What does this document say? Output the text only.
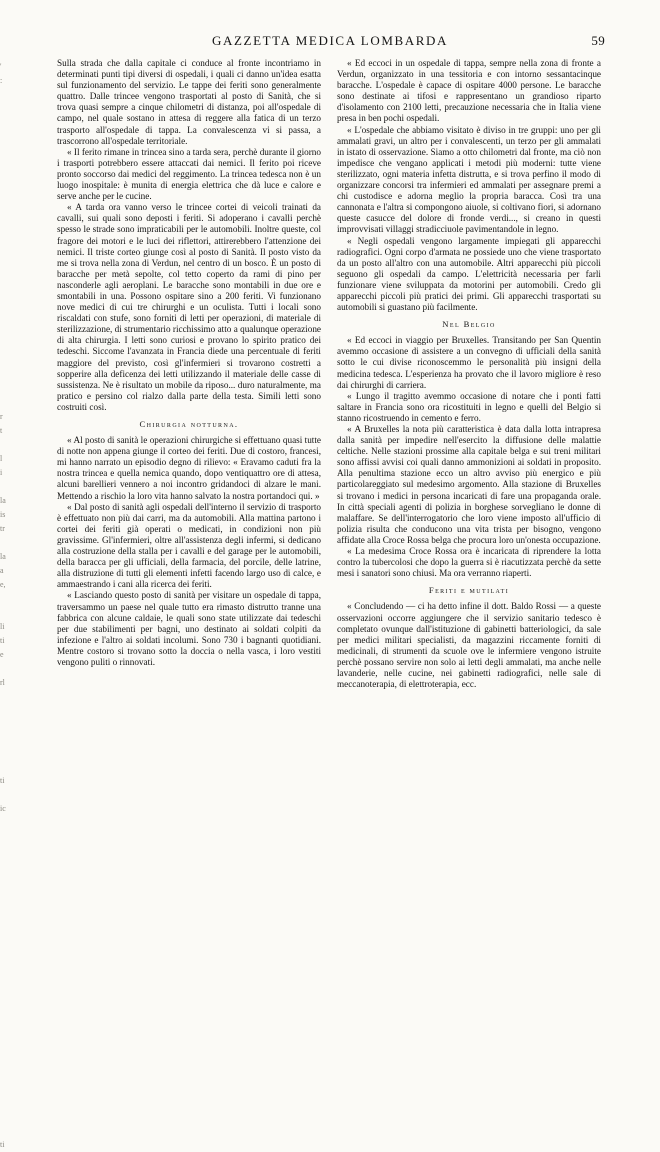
GAZZETTA MEDICA LOMBARDA	59

Sulla strada che dalla capitale ci conduce al fronte incontriamo in determinati punti tipi diversi di ospedali, i quali ci danno un'idea esatta sul funzionamento del servizio. Le tappe dei feriti sono generalmente quattro. Dalle trincee vengono trasportati al posto di Sanità, che si trova quasi sempre a cinque chilometri di distanza, poi all'ospedale di campo, nel quale sostano in attesa di reggere alla fatica di un terzo trasporto all'ospedale di tappa. La convalescenza vi si passa, a trascorrono all'ospedale territoriale.

« Il ferito rimane in trincea sino a tarda sera, perchè durante il giorno i trasporti potrebbero essere attaccati dai nemici. Il ferito poi riceve pronto soccorso dai medici del reggimento. La trincea tedesca non è un luogo inospitale: è munita di energia elettrica che dà luce e calore e serve anche per le cucine.

« A tarda ora vanno verso le trincee cortei di veicoli trainati da cavalli, sui quali sono deposti i feriti. Si adoperano i cavalli perchè spesso le strade sono impraticabili per le automobili. Inoltre queste, col fragore dei motori e le luci dei riflettori, attirerebbero l'attenzione dei nemici. Il triste corteo giunge così al posto di Sanità. Il posto visto da me si trova nella zona di Verdun, nel centro di un bosco. È un posto di baracche per metà sepolte, col tetto coperto da rami di pino per nasconderle agli aeroplani. Le baracche sono montabili in due ore e smontabili in una. Possono ospitare sino a 200 feriti. Vi funzionano nove medici di cui tre chirurghi e un oculista. Tutti i locali sono riscaldati con stufe, sono forniti di letti per operazioni, di materiale di sterilizzazione, di strumentario ricchissimo atto a qualunque operazione di alta chirurgia. I letti sono curiosi e provano lo spirito pratico dei tedeschi. Siccome l'avanzata in Francia diede una percentuale di feriti maggiore del previsto, così gl'infermieri si trovarono costretti a sopperire alla deficenza dei letti utilizzando il materiale delle casse di sussistenza. Ne è risultato un mobile da riposo... duro naturalmente, ma pratico e persino col rialzo dalla parte della testa. Simili letti sono costruiti così.

Chirurgia notturna.

« Al posto di sanità le operazioni chirurgiche si effettuano quasi tutte di notte non appena giunge il corteo dei feriti. Due di costoro, francesi, mi hanno narrato un episodio degno di rilievo: « Eravamo caduti fra la nostra trincea e quella nemica quando, dopo ventiquattro ore di attesa, alcuni barellieri vennero a noi incontro gridandoci di alzare le mani. Mettendo a rischio la loro vita hanno salvato la nostra portandoci qui. »

« Dal posto di sanità agli ospedali dell'interno il servizio di trasporto è effettuato non più dai carri, ma da automobili. Alla mattina partono i cortei dei feriti già operati o medicati, in condizioni non più gravissime. Gl'infermieri, oltre all'assistenza degli infermi, si dedicano alla costruzione della stalla per i cavalli e del garage per le automobili, della baracca per gli ufficiali, della farmacia, del porcile, delle latrine, alla distruzione di tutti gli elementi infetti facendo largo uso di calce, e ammaestrando i cani alla ricerca dei feriti.

« Lasciando questo posto di sanità per visitare un ospedale di tappa, traversammo un paese nel quale tutto era rimasto distrutto tranne una fabbrica con alcune caldaie, le quali sono state utilizzate dai tedeschi per due stabilimenti per bagni, uno destinato ai soldati colpiti da infezione e l'altro ai soldati incolumi. Sono 730 i bagnanti quotidiani. Mentre costoro si trovano sotto la doccia o nella vasca, i loro vestiti vengono puliti o rinnovati.

« Ed eccoci in un ospedale di tappa, sempre nella zona di fronte a Verdun, organizzato in una tessitoria e con intorno sessantacinque baracche. L'ospedale è capace di ospitare 4000 persone. Le baracche sono destinate ai tifosi e rappresentano un grandioso riparto d'isolamento con 2100 letti, precauzione necessaria che in Italia viene presa in ben pochi ospedali.

« L'ospedale che abbiamo visitato è diviso in tre gruppi: uno per gli ammalati gravi, un altro per i convalescenti, un terzo per gli ammalati in istato di osservazione. Siamo a otto chilometri dal fronte, ma ciò non impedisce che vengano applicati i metodi più moderni: tutte viene sterilizzato, ogni materia infetta distrutta, e si trova perfino il modo di organizzare concorsi tra infermieri ed ammalati per assegnare premi a chi custodisce e adorna meglio la propria baracca. Così tra una cannonata e l'altra si compongono aiuole, si coltivano fiori, si adornano queste casucce del dolore di fronde verdi..., si creano in questi improvvisati villaggi stradicciuole pavimentandole in legno.

« Negli ospedali vengono largamente impiegati gli apparecchi radiografici. Ogni corpo d'armata ne possiede uno che viene trasportato da un posto all'altro con una automobile. Altri apparecchi più piccoli seguono gli ospedali da campo. L'elettricità necessaria per farli funzionare viene sviluppata da motorini per automobili. Credo gli apparecchi piccoli più pratici dei primi. Gli apparecchi trasportati su automobili si guastano più facilmente.

Nel Belgio

« Ed eccoci in viaggio per Bruxelles. Transitando per San Quentin avemmo occasione di assistere a un convegno di ufficiali della sanità sotto le cui divise riconoscemmo le personalità più insigni della medicina tedesca. L'esperienza ha provato che il lavoro migliore è reso dai chirurghi di carriera.

« Lungo il tragitto avemmo occasione di notare che i ponti fatti saltare in Francia sono ora ricostituiti in legno e quelli del Belgio si stanno ricostruendo in cemento e ferro.

« A Bruxelles la nota più caratteristica è data dalla lotta intrapresa dalla sanità per impedire nell'esercito la diffusione delle malattie celtiche. Nelle stazioni prossime alla capitale belga e sui treni militari sono affissi avvisi coi quali danno ammonizioni ai soldati in proposito. Alla penultima stazione ecco un altro avviso più energico e più particolareggiato sul medesimo argomento. Alla stazione di Bruxelles si trovano i medici in persona incaricati di fare una propaganda orale. In città speciali agenti di polizia in borghese sorvegliano le donne di malaffare. Se dell'interrogatorio che loro viene imposto all'ufficio di polizia risulta che conducono una vita trista per bisogno, vengono affidate alla Croce Rossa belga che procura loro un'onesta occupazione.

« La medesima Croce Rossa ora è incaricata di riprendere la lotta contro la tubercolosi che dopo la guerra si è riacutizzata perchè da sette mesi i sanatori sono chiusi. Ma ora verranno riaperti.

Feriti e mutilati

« Concludendo — ci ha detto infine il dott. Baldo Rossi — a queste osservazioni occorre aggiungere che il servizio sanitario tedesco è completato ovunque dall'istituzione di gabinetti batteriologici, da sale per medici militari specialisti, da magazzini riccamente forniti di medicinali, di strumenti da scuole ove le infermiere vengono istruite perchè possano servire non solo ai letti degli ammalati, ma anche nelle lavanderie, nelle cucine, nei gabinetti radiografici, nelle sale di meccanoterapia, di elettroterapia, ecc.

'
:

r
t

l
i

la
is
tr

la
a
e,

li
ti
e

rl

ti

ic

ti
